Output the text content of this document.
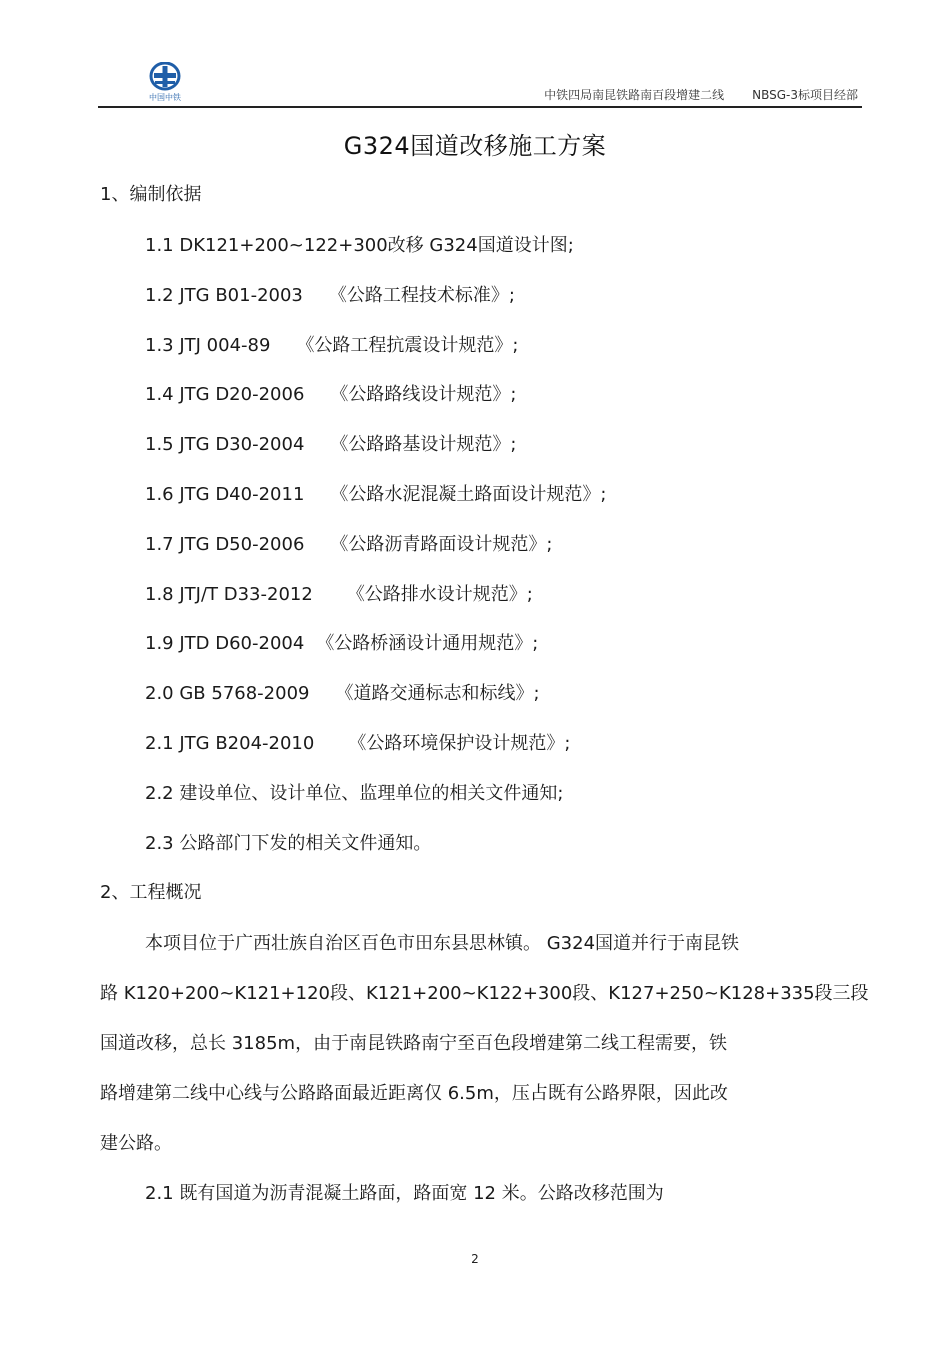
中国中铁	中铁四局南昆铁路南百段增建二线 NBSG-3标项目经部
G324国道改移施工方案
1、编制依据
1.1 DK121+200~122+300改移 G324国道设计图;
1.2 JTG B01-2003 《公路工程技术标准》;
1.3 JTJ 004-89 《公路工程抗震设计规范》;
1.4 JTG D20-2006 《公路路线设计规范》;
1.5 JTG D30-2004 《公路路基设计规范》;
1.6 JTG D40-2011 《公路水泥混凝土路面设计规范》;
1.7 JTG D50-2006 《公路沥青路面设计规范》;
1.8 JTJ/T D33-2012 《公路排水设计规范》;
1.9 JTD D60-2004 《公路桥涵设计通用规范》;
2.0 GB 5768-2009 《道路交通标志和标线》;
2.1 JTG B204-2010 《公路环境保护设计规范》;
2.2 建设单位、设计单位、监理单位的相关文件通知;
2.3 公路部门下发的相关文件通知。
2、工程概况
本项目位于广西壮族自治区百色市田东县思林镇。 G324国道并行于南昆铁
路 K120+200~K121+120段、K121+200~K122+300段、K127+250~K128+335段三段
国道改移，总长 3185m，由于南昆铁路南宁至百色段增建第二线工程需要，铁
路增建第二线中心线与公路路面最近距离仅 6.5m，压占既有公路界限，因此改
建公路。
2.1 既有国道为沥青混凝土路面，路面宽 12 米。公路改移范围为
2
